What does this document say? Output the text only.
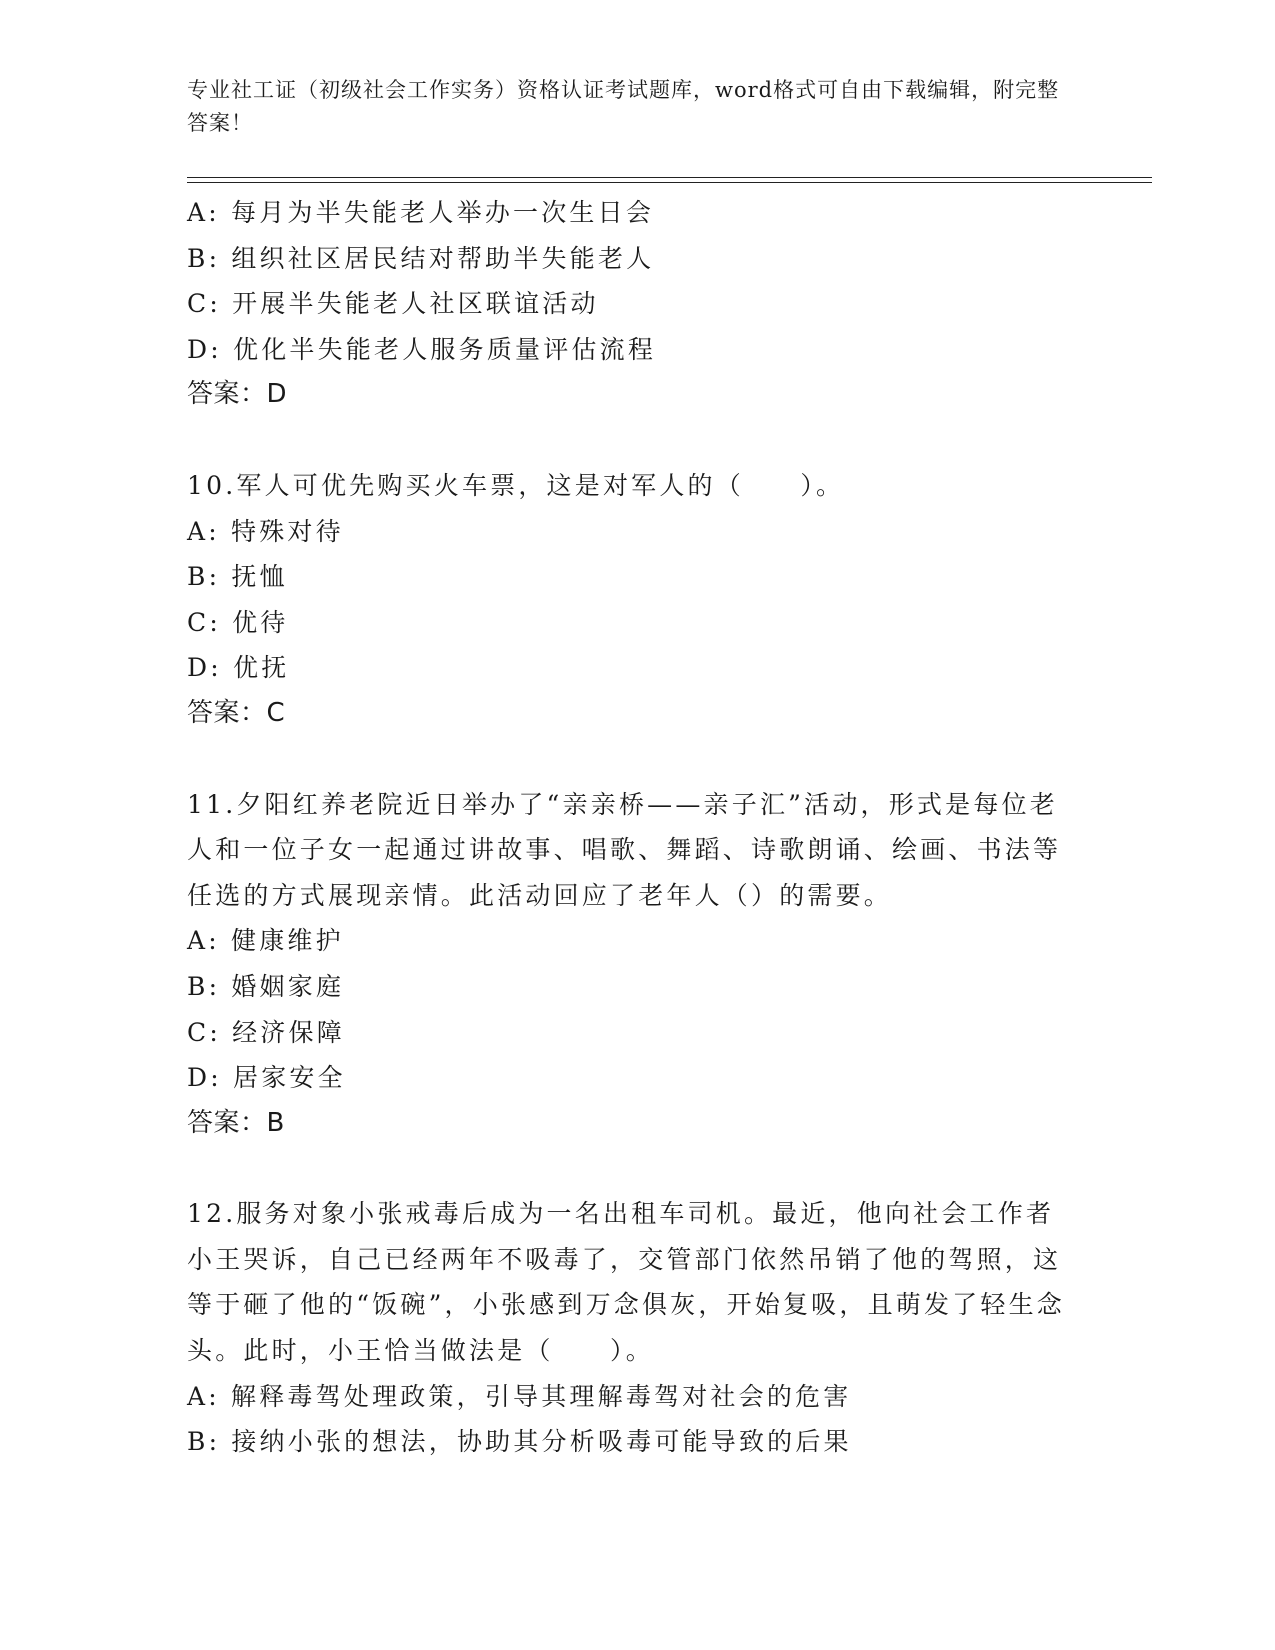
专业社工证（初级社会工作实务）资格认证考试题库，word格式可自由下载编辑，附完整答案！
A: 每月为半失能老人举办一次生日会
B: 组织社区居民结对帮助半失能老人
C: 开展半失能老人社区联谊活动
D: 优化半失能老人服务质量评估流程
答案：D
10.军人可优先购买火车票，这是对军人的（　　）。
A: 特殊对待
B: 抚恤
C: 优待
D: 优抚
答案：C
11.夕阳红养老院近日举办了“亲亲桥——亲子汇”活动，形式是每位老人和一位子女一起通过讲故事、唱歌、舞蹈、诗歌朗诵、绘画、书法等任选的方式展现亲情。此活动回应了老年人（）的需要。
A: 健康维护
B: 婚姻家庭
C: 经济保障
D: 居家安全
答案：B
12.服务对象小张戒毒后成为一名出租车司机。最近，他向社会工作者小王哭诉，自己已经两年不吸毒了，交管部门依然吊销了他的驾照，这等于砸了他的“饭碗”，小张感到万念俱灰，开始复吸，且萌发了轻生念头。此时，小王恰当做法是（　　）。
A: 解释毒驾处理政策，引导其理解毒驾对社会的危害
B: 接纳小张的想法，协助其分析吸毒可能导致的后果
